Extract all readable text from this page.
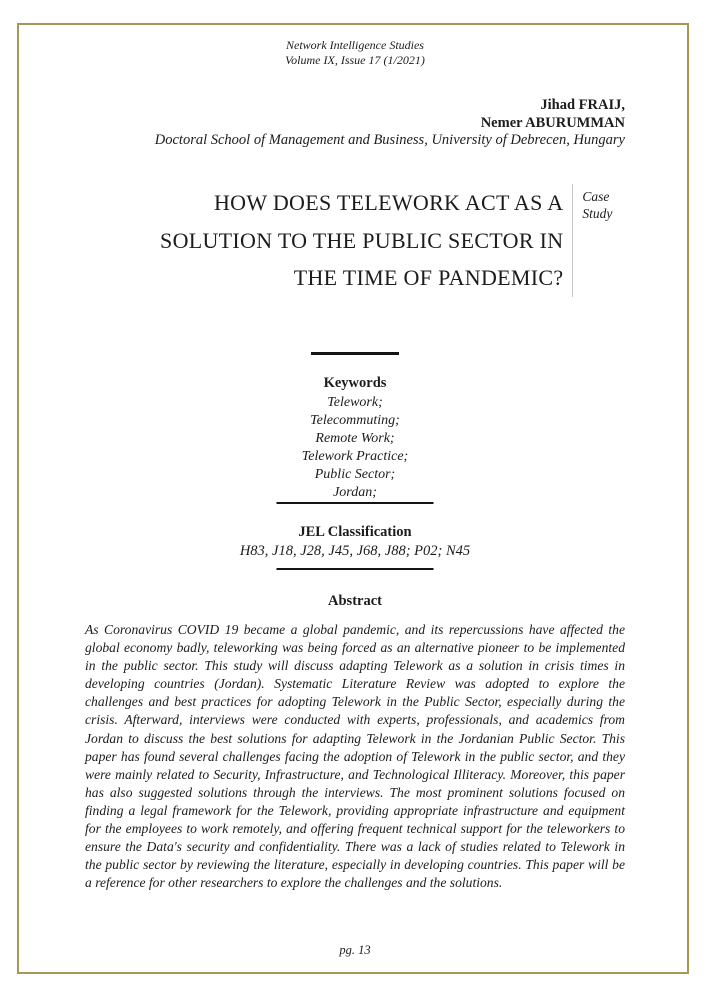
Network Intelligence Studies
Volume IX, Issue 17 (1/2021)
Jihad FRAIJ,
Nemer ABURUMMAN
Doctoral School of Management and Business, University of Debrecen, Hungary
HOW DOES TELEWORK ACT AS A
SOLUTION TO THE PUBLIC SECTOR IN
THE TIME OF PANDEMIC?
Case Study
Keywords
Telework;
Telecommuting;
Remote Work;
Telework Practice;
Public Sector;
Jordan;
JEL Classification
H83, J18, J28, J45, J68, J88; P02; N45
Abstract
As Coronavirus COVID 19 became a global pandemic, and its repercussions have affected the global economy badly, teleworking was being forced as an alternative pioneer to be implemented in the public sector. This study will discuss adapting Telework as a solution in crisis times in developing countries (Jordan). Systematic Literature Review was adopted to explore the challenges and best practices for adopting Telework in the Public Sector, especially during the crisis. Afterward, interviews were conducted with experts, professionals, and academics from Jordan to discuss the best solutions for adapting Telework in the Jordanian Public Sector. This paper has found several challenges facing the adoption of Telework in the public sector, and they were mainly related to Security, Infrastructure, and Technological Illiteracy. Moreover, this paper has also suggested solutions through the interviews. The most prominent solutions focused on finding a legal framework for the Telework, providing appropriate infrastructure and equipment for the employees to work remotely, and offering frequent technical support for the teleworkers to ensure the Data's security and confidentiality. There was a lack of studies related to Telework in the public sector by reviewing the literature, especially in developing countries. This paper will be a reference for other researchers to explore the challenges and the solutions.
pg. 13
